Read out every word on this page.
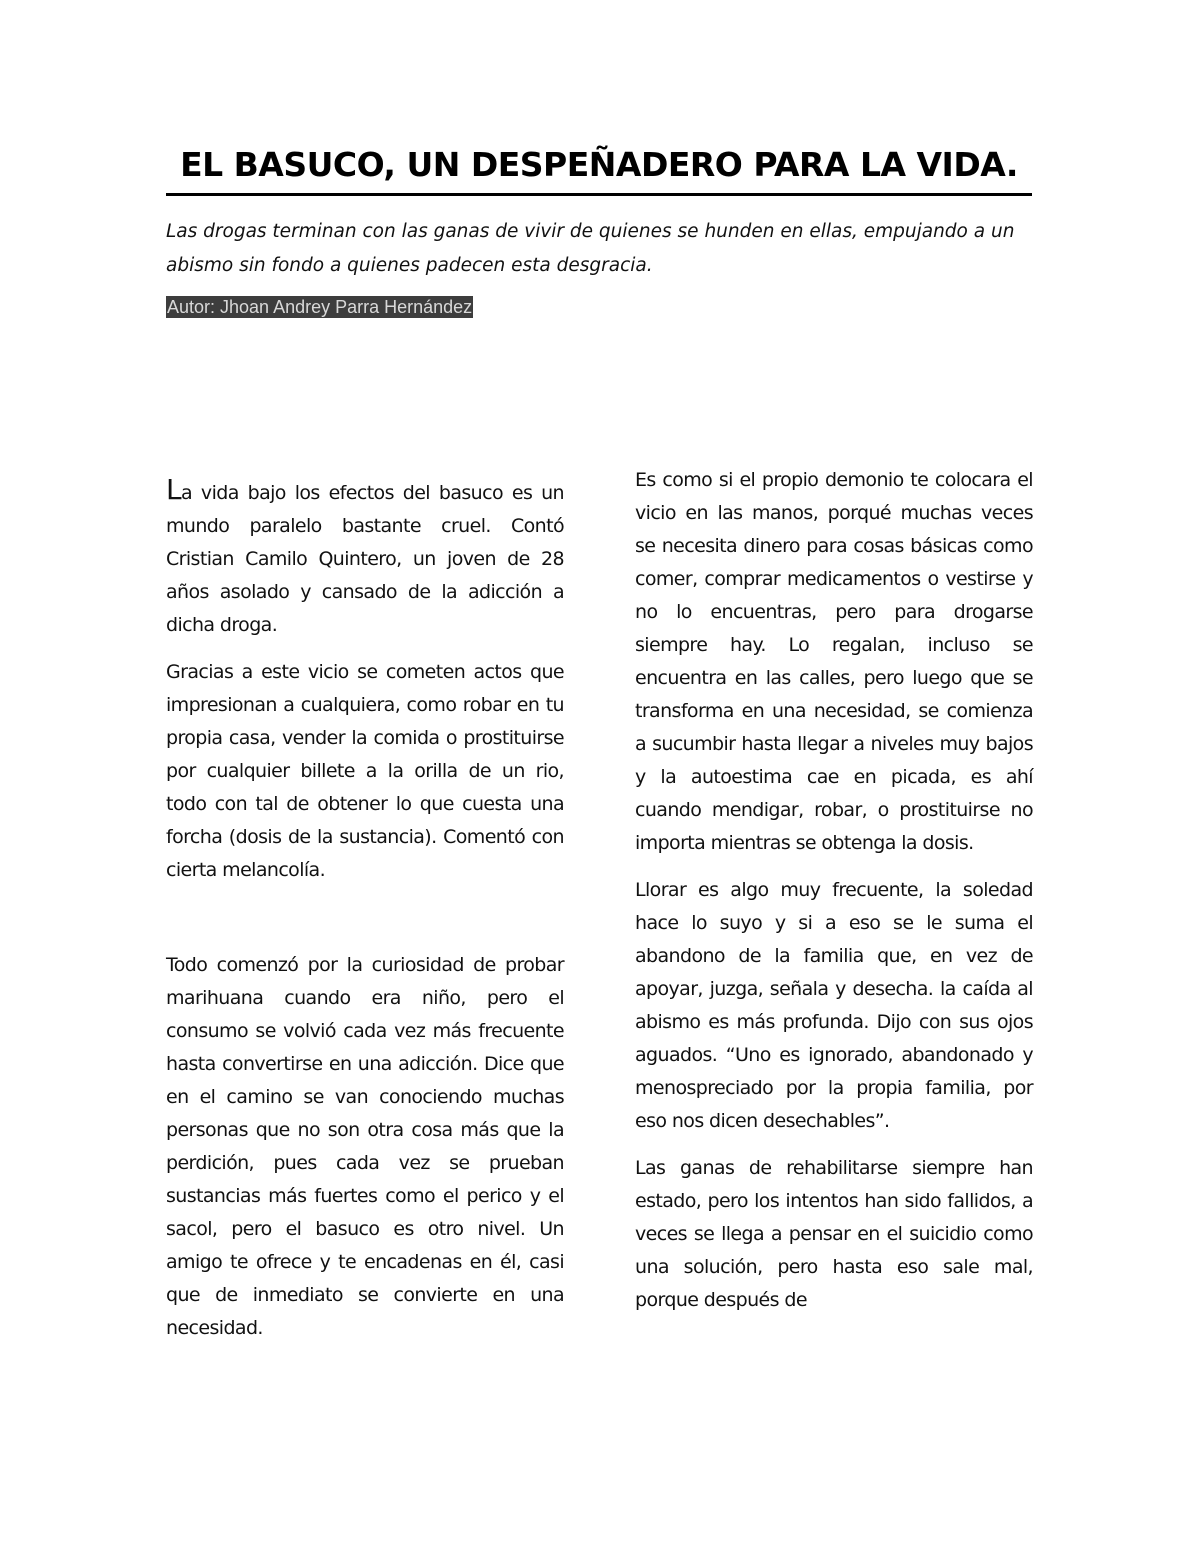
EL BASUCO, UN DESPEÑADERO PARA LA VIDA.

Las drogas terminan con las ganas de vivir de quienes se hunden en ellas, empujando a un abismo sin fondo a quienes padecen esta desgracia.

Autor: Jhoan Andrey Parra Hernández

La vida bajo los efectos del basuco es un mundo paralelo bastante cruel. Contó Cristian Camilo Quintero, un joven de 28 años asolado y cansado de la adicción a dicha droga.

Gracias a este vicio se cometen actos que impresionan a cualquiera, como robar en tu propia casa, vender la comida o prostituirse por cualquier billete a la orilla de un rio, todo con tal de obtener lo que cuesta una forcha (dosis de la sustancia). Comentó con cierta melancolía.

Todo comenzó por la curiosidad de probar marihuana cuando era niño, pero el consumo se volvió cada vez más frecuente hasta convertirse en una adicción. Dice que en el camino se van conociendo muchas personas que no son otra cosa más que la perdición, pues cada vez se prueban sustancias más fuertes como el perico y el sacol, pero el basuco es otro nivel. Un amigo te ofrece y te encadenas en él, casi que de inmediato se convierte en una necesidad.

Es como si el propio demonio te colocara el vicio en las manos, porqué muchas veces se necesita dinero para cosas básicas como comer, comprar medicamentos o vestirse y no lo encuentras, pero para drogarse siempre hay. Lo regalan, incluso se encuentra en las calles, pero luego que se transforma en una necesidad, se comienza a sucumbir hasta llegar a niveles muy bajos y la autoestima cae en picada, es ahí cuando mendigar, robar, o prostituirse no importa mientras se obtenga la dosis.

Llorar es algo muy frecuente, la soledad hace lo suyo y si a eso se le suma el abandono de la familia que, en vez de apoyar, juzga, señala y desecha. la caída al abismo es más profunda. Dijo con sus ojos aguados. “Uno es ignorado, abandonado y menospreciado por la propia familia, por eso nos dicen desechables”.

Las ganas de rehabilitarse siempre han estado, pero los intentos han sido fallidos, a veces se llega a pensar en el suicidio como una solución, pero hasta eso sale mal, porque después de
